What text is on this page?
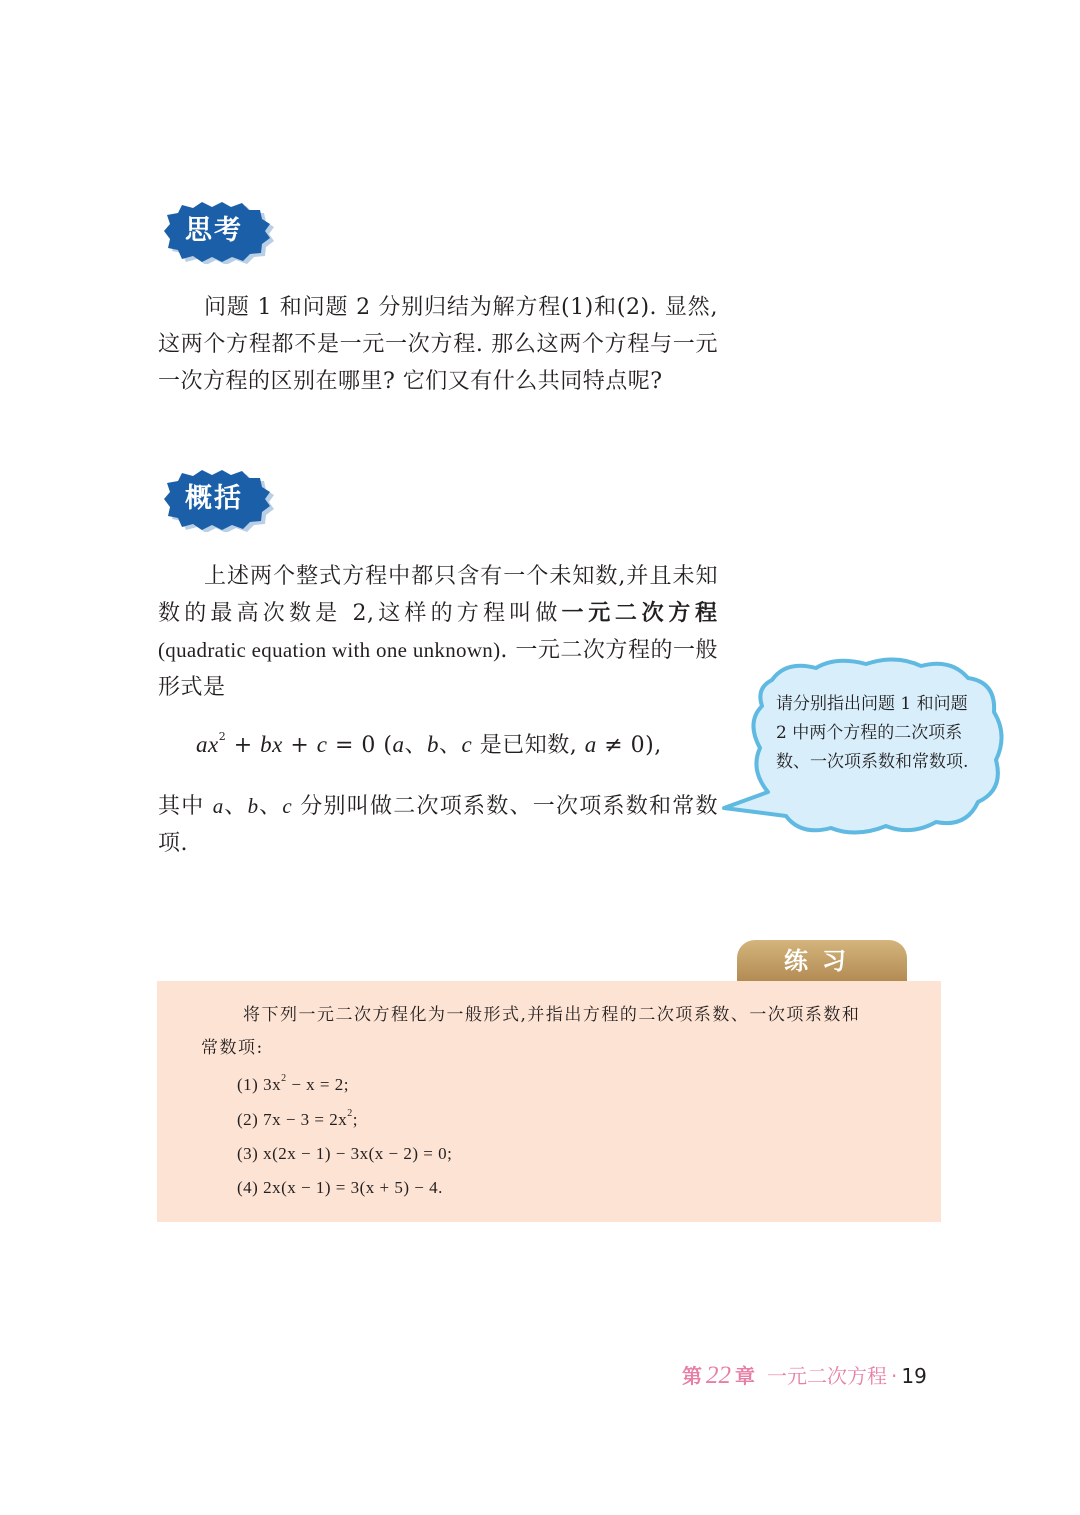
思考

问题 1 和问题 2 分别归结为解方程(1)和(2). 显然,这两个方程都不是一元一次方程. 那么这两个方程与一元一次方程的区别在哪里? 它们又有什么共同特点呢?

概括

上述两个整式方程中都只含有一个未知数,并且未知数的最高次数是 2,这样的方程叫做一元二次方程(quadratic equation with one unknown). 一元二次方程的一般形式是

$ax^2$ + bx + c = 0 (a、b、c 是已知数, a ≠ 0),

其中 a、b、c 分别叫做二次项系数、一次项系数和常数项.

请分别指出问题 1 和问题 2 中两个方程的二次项系数、一次项系数和常数项.
练习

将下列一元二次方程化为一般形式,并指出方程的二次项系数、一次项系数和
常数项:

(1) $3x^2 - x = 2$;
(2) $7x - 3 = 2x^2$;
(3) x(2x − 1) − 3x(x − 2) = 0;
(4) 2x(x − 1) = 3(x + 5) − 4.
第 22 章 一元二次方程 · 19
